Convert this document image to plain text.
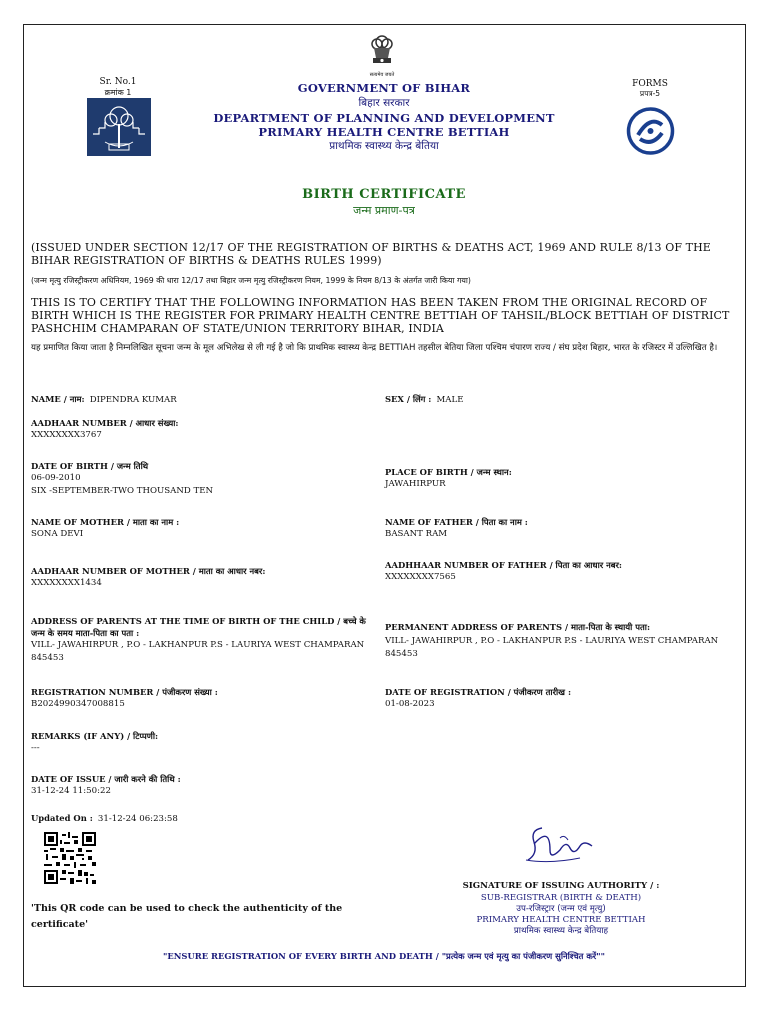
सत्यमेव जयते
Sr. No.1
क्रमांक 1	GOVERNMENT OF BIHAR
बिहार सरकार
DEPARTMENT OF PLANNING AND DEVELOPMENT
PRIMARY HEALTH CENTRE BETTIAH
प्राथमिक स्वास्थ्य केन्द्र बेतिया
FORMS
प्रपत्र-5
BIRTH CERTIFICATE
जन्म प्रमाण-पत्र
(ISSUED UNDER SECTION 12/17 OF THE REGISTRATION OF BIRTHS & DEATHS ACT, 1969 AND RULE 8/13 OF THE BIHAR REGISTRATION OF BIRTHS & DEATHS RULES 1999)
(जन्म मृत्यु रजिस्ट्रीकरण अधिनियम, 1969 की धारा 12/17 तथा बिहार जन्म मृत्यु रजिस्ट्रीकरण नियम, 1999 के नियम 8/13 के अंतर्गत जारी किया गया)
THIS IS TO CERTIFY THAT THE FOLLOWING INFORMATION HAS BEEN TAKEN FROM THE ORIGINAL RECORD OF BIRTH WHICH IS THE REGISTER FOR PRIMARY HEALTH CENTRE BETTIAH OF TAHSIL/BLOCK BETTIAH OF DISTRICT PASHCHIM CHAMPARAN OF STATE/UNION TERRITORY BIHAR, INDIA
यह प्रमाणित किया जाता है निम्नलिखित सूचना जन्म के मूल अभिलेख से ली गई है जो कि प्राथमिक स्वास्थ्य केन्द्र BETTIAH तहसील बेतिया जिला पश्चिम चंपारण राज्य / संघ प्रदेश बिहार, भारत के रजिस्टर में उल्लिखित है।
NAME / नाम: DIPENDRA KUMAR	SEX / लिंग : MALE
AADHAAR NUMBER / आधार संख्या:
XXXXXXXX3767
DATE OF BIRTH / जन्म तिथि
06-09-2010
SIX -SEPTEMBER-TWO THOUSAND TEN
PLACE OF BIRTH / जन्म स्थान:
JAWAHIRPUR
NAME OF MOTHER / माता का नाम :
SONA DEVI
NAME OF FATHER / पिता का नाम :
BASANT RAM
AADHAAR NUMBER OF MOTHER / माता का आधार नबर:
XXXXXXXX1434
AADHHAAR NUMBER OF FATHER / पिता का आधार नबर:
XXXXXXXX7565
ADDRESS OF PARENTS AT THE TIME OF BIRTH OF THE CHILD / बच्चे के
जन्म के समय माता-पिता का पता :
VILL- JAWAHIRPUR , P.O - LAKHANPUR P.S - LAURIYA WEST CHAMPARAN
845453
PERMANENT ADDRESS OF PARENTS / माता-पिता के स्थायी पता:
VILL- JAWAHIRPUR , P.O - LAKHANPUR P.S - LAURIYA WEST CHAMPARAN
845453
REGISTRATION NUMBER / पंजीकरण संख्या :
B2024990347008815
DATE OF REGISTRATION / पंजीकरण तारीख :
01-08-2023
REMARKS (IF ANY) / टिप्पणी:
---
DATE OF ISSUE / जारी करने की तिथि :
31-12-24 11:50:22
Updated On : 31-12-24 06:23:58
'This QR code can be used to check the authenticity of the certificate'
SIGNATURE OF ISSUING AUTHORITY / :
SUB-REGISTRAR (BIRTH & DEATH)
उप-रजिस्ट्रार (जन्म एवं मृत्यु)
PRIMARY HEALTH CENTRE BETTIAH
प्राथमिक स्वास्थ्य केन्द्र बेतियाह
"ENSURE REGISTRATION OF EVERY BIRTH AND DEATH / "प्रत्येक जन्म एवं मृत्यु का पंजीकरण सुनिश्चित करें""
